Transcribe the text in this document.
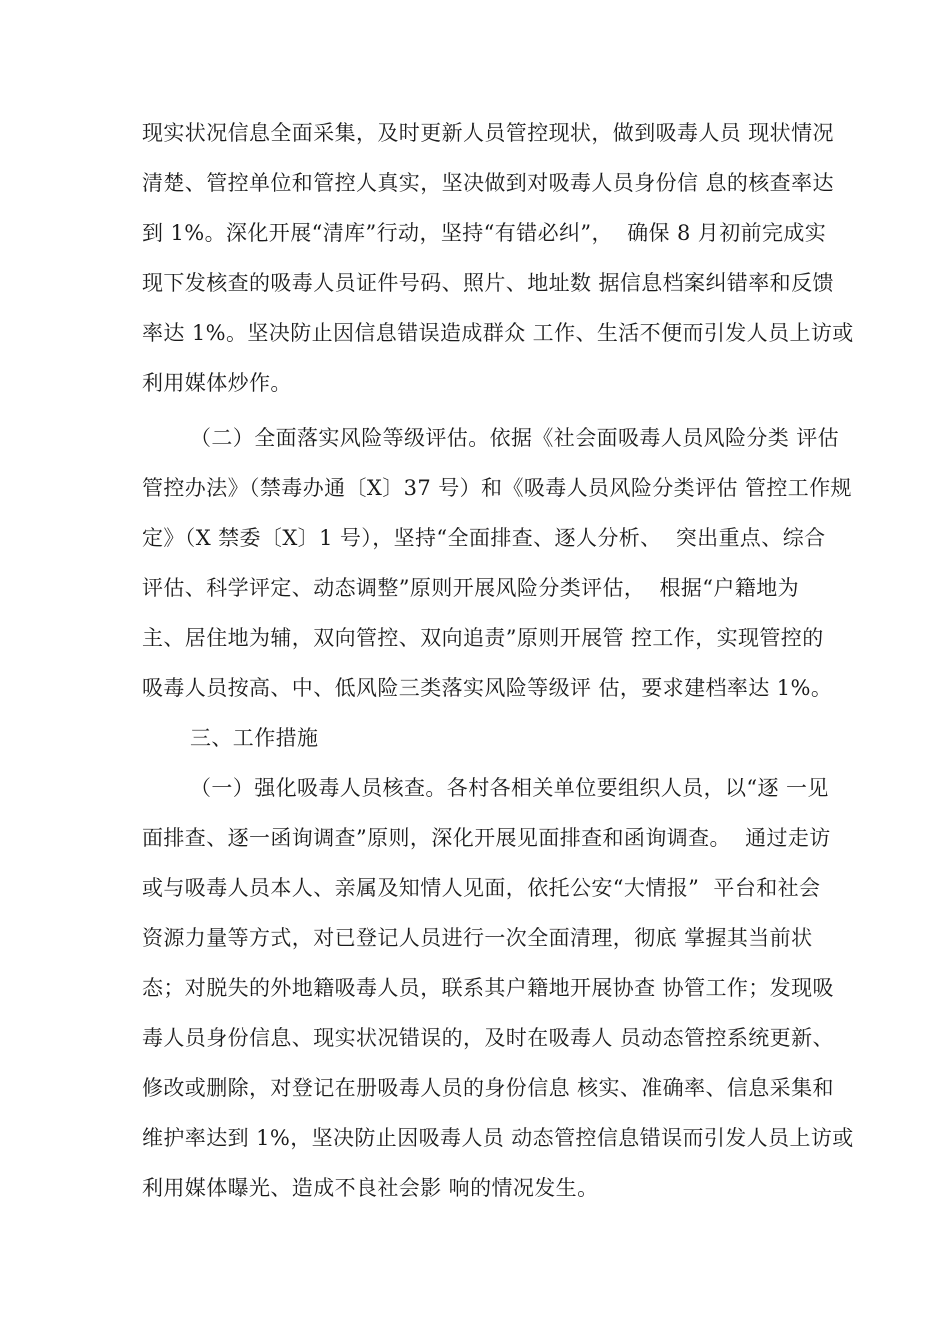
现实状况信息全面采集，及时更新人员管控现状，做到吸毒人员 现状情况
清楚、管控单位和管控人真实，坚决做到对吸毒人员身份信 息的核查率达
到 1%。深化开展“清库”行动，坚持“有错必纠”，  确保 8 月初前完成实
现下发核查的吸毒人员证件号码、照片、地址数 据信息档案纠错率和反馈
率达 1%。坚决防止因信息错误造成群众 工作、生活不便而引发人员上访或
利用媒体炒作。
（二）全面落实风险等级评估。依据《社会面吸毒人员风险分类 评估
管控办法》（禁毒办通〔X〕37 号）和《吸毒人员风险分类评估 管控工作规
定》（X 禁委〔X〕1 号），坚持“全面排查、逐人分析、  突出重点、综合
评估、科学评定、动态调整”原则开展风险分类评估，  根据“户籍地为
主、居住地为辅，双向管控、双向追责”原则开展管 控工作，实现管控的
吸毒人员按高、中、低风险三类落实风险等级评 估，要求建档率达 1%。
三、工作措施
（一）强化吸毒人员核查。各村各相关单位要组织人员，以“逐 一见
面排查、逐一函询调查”原则，深化开展见面排查和函询调查。  通过走访
或与吸毒人员本人、亲属及知情人见面，依托公安“大情报”  平台和社会
资源力量等方式，对已登记人员进行一次全面清理，彻底 掌握其当前状
态；对脱失的外地籍吸毒人员，联系其户籍地开展协查 协管工作；发现吸
毒人员身份信息、现实状况错误的，及时在吸毒人 员动态管控系统更新、
修改或删除，对登记在册吸毒人员的身份信息 核实、准确率、信息采集和
维护率达到 1%，坚决防止因吸毒人员 动态管控信息错误而引发人员上访或
利用媒体曝光、造成不良社会影 响的情况发生。
